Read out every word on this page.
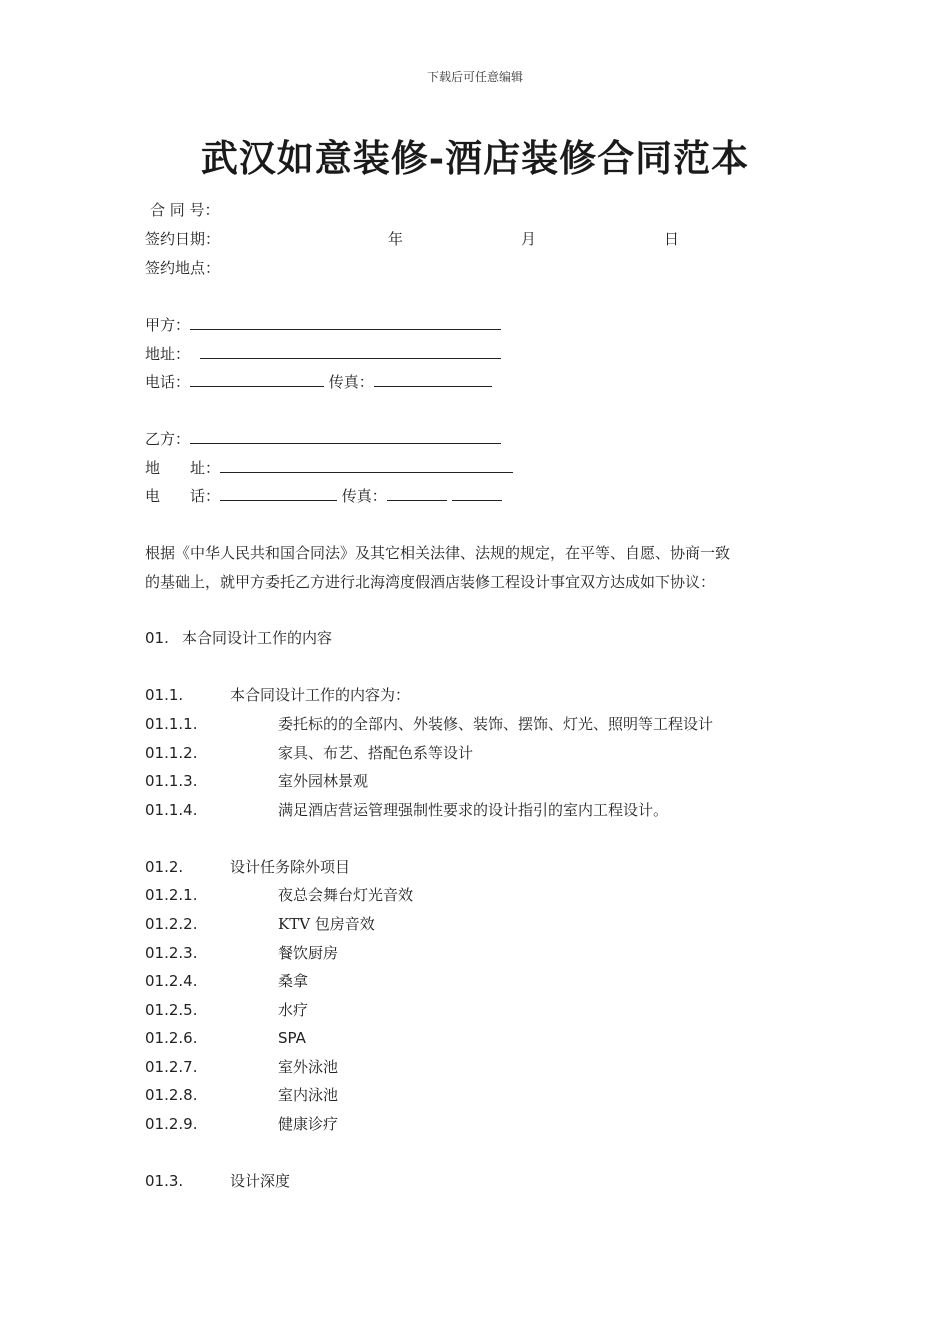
下载后可任意编辑
武汉如意装修-酒店装修合同范本
合 同 号：
签约日期：	年	月	日
签约地点：
甲方：
地址：
电话：	传真：
乙方：
地　　址：
电　　话：	传真：
根据《中华人民共和国合同法》及其它相关法律、法规的规定，在平等、自愿、协商一致
的基础上，就甲方委托乙方进行北海湾度假酒店装修工程设计事宜双方达成如下协议：
01. 本合同设计工作的内容
01.1.	本合同设计工作的内容为：
01.1.1.	委托标的的全部内、外装修、装饰、摆饰、灯光、照明等工程设计
01.1.2.	家具、布艺、搭配色系等设计
01.1.3.	室外园林景观
01.1.4.	满足酒店营运管理强制性要求的设计指引的室内工程设计。
01.2.	设计任务除外项目
01.2.1.	夜总会舞台灯光音效
01.2.2.	KTV 包房音效
01.2.3.	餐饮厨房
01.2.4.	桑拿
01.2.5.	水疗
01.2.6.	SPA
01.2.7.	室外泳池
01.2.8.	室内泳池
01.2.9.	健康诊疗
01.3.	设计深度
